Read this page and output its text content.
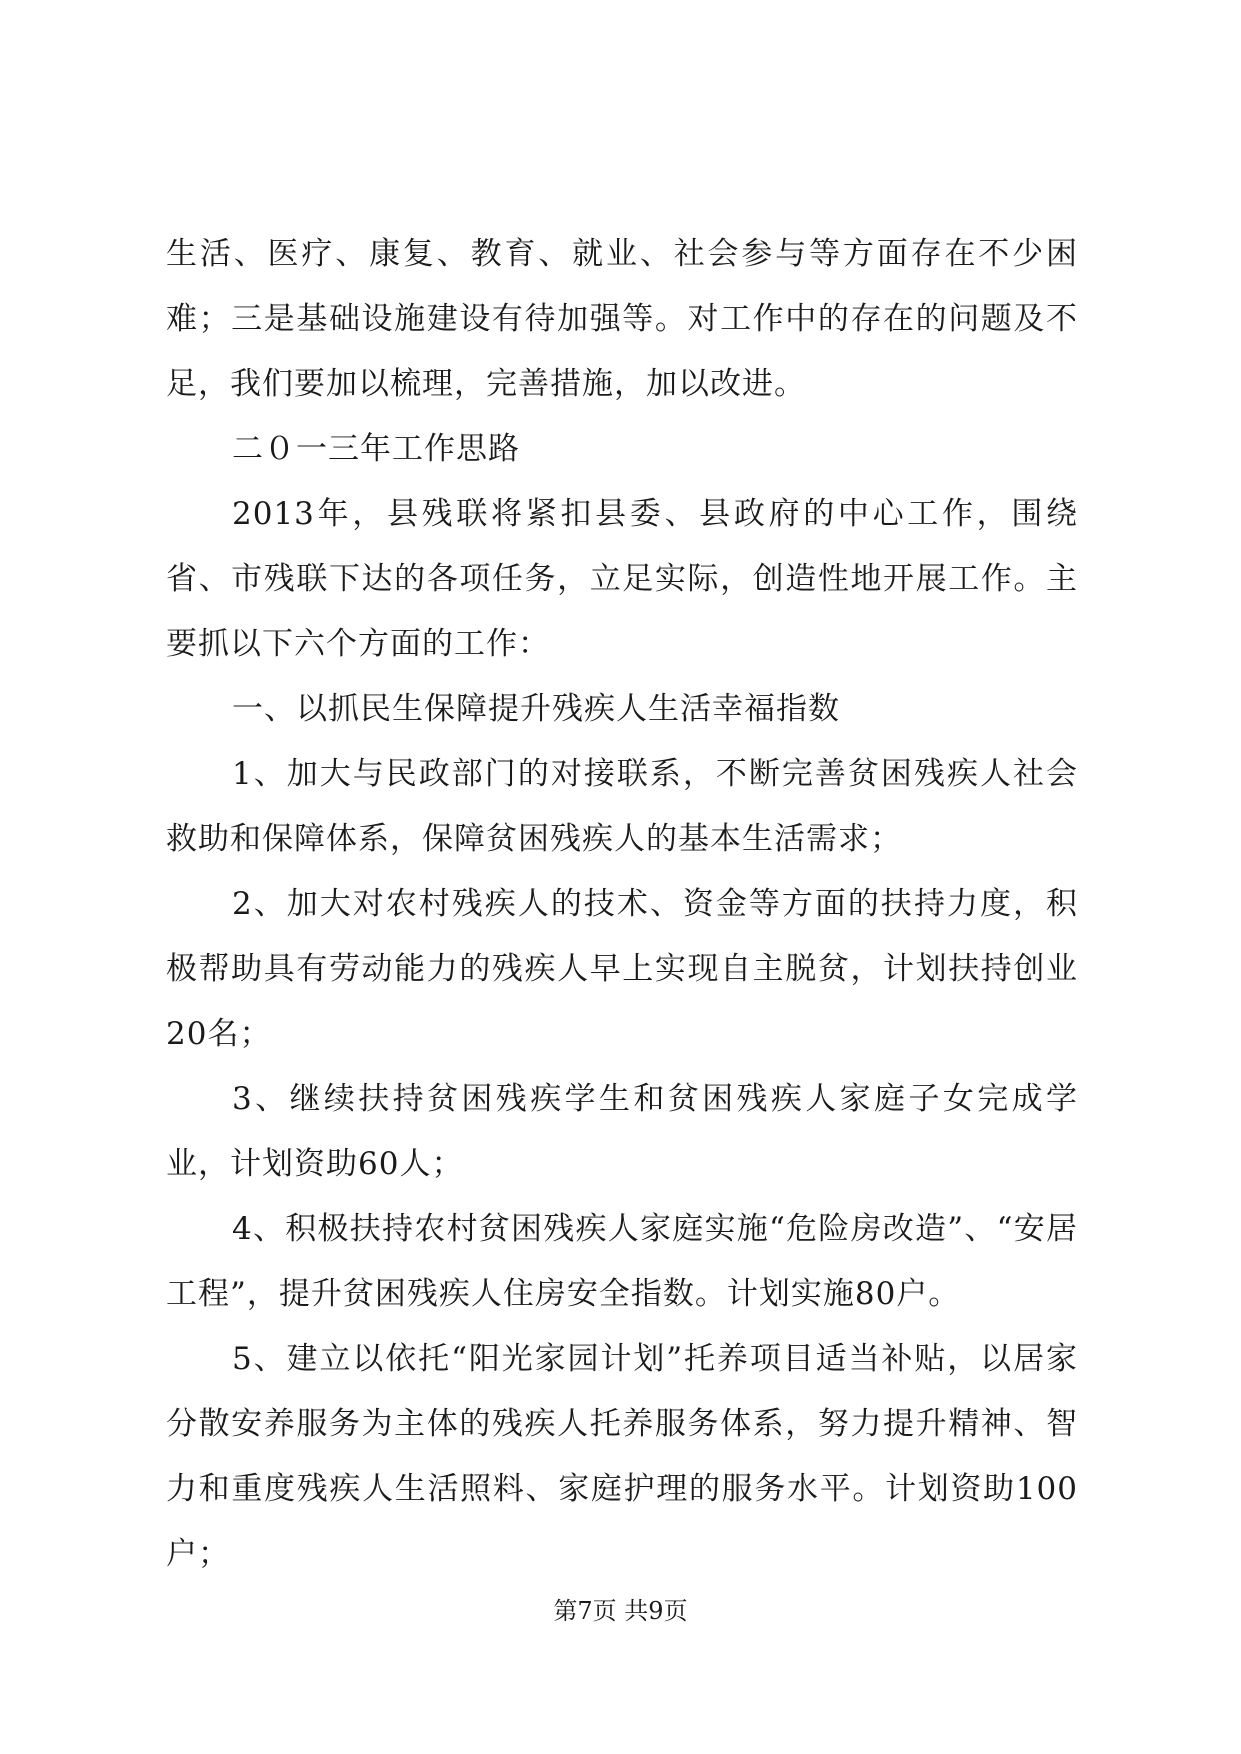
生活、医疗、康复、教育、就业、社会参与等方面存在不少困难；三是基础设施建设有待加强等。对工作中的存在的问题及不足，我们要加以梳理，完善措施，加以改进。

二０一三年工作思路

2013年，县残联将紧扣县委、县政府的中心工作，围绕省、市残联下达的各项任务，立足实际，创造性地开展工作。主要抓以下六个方面的工作：

一、以抓民生保障提升残疾人生活幸福指数

1、加大与民政部门的对接联系，不断完善贫困残疾人社会救助和保障体系，保障贫困残疾人的基本生活需求；

2、加大对农村残疾人的技术、资金等方面的扶持力度，积极帮助具有劳动能力的残疾人早上实现自主脱贫，计划扶持创业20名；

3、继续扶持贫困残疾学生和贫困残疾人家庭子女完成学业，计划资助60人；

4、积极扶持农村贫困残疾人家庭实施“危险房改造”、“安居工程”，提升贫困残疾人住房安全指数。计划实施80户。

5、建立以依托“阳光家园计划”托养项目适当补贴，以居家分散安养服务为主体的残疾人托养服务体系，努力提升精神、智力和重度残疾人生活照料、家庭护理的服务水平。计划资助100户；

第7页 共9页
